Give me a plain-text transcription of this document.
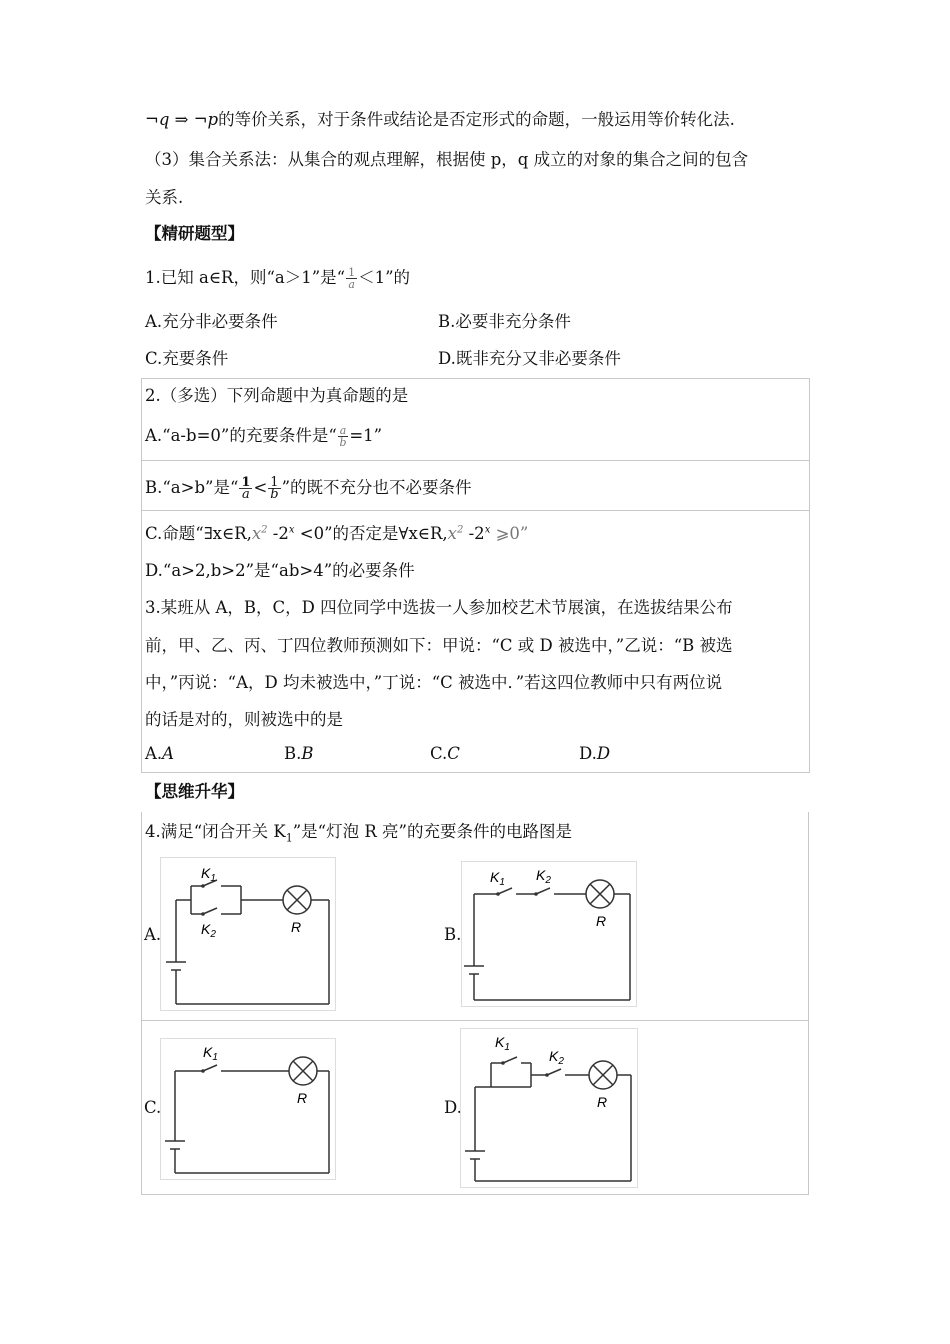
¬q ⇒ ¬p的等价关系，对于条件或结论是否定形式的命题，一般运用等价转化法.
（3）集合关系法：从集合的观点理解，根据使 p，q 成立的对象的集合之间的包含
关系.
【精研题型】
1.已知 a∈R，则“a＞1”是“ $\frac{1}{a} <1$”的
A.充分非必要条件	B.必要非充分条件
C.充要条件	D.既非充分又非必要条件
2.（多选）下列命题中为真命题的是
A.“a-b=0”的充要条件是“ $\frac{a}{b} =1$”
B.“a>b”是“ $\frac{1}{a} < \frac{1}{b}$ ”的既不充分也不必要条件
C.命题“$\exists x\in R,x^2$ $-2^x <0$”的否定是$\forall x\in R,x^2$ -2$^x$ ⩾0”
D.“a>2,b>2”是“ab>4”的必要条件
3.某班从 A，B，C，D 四位同学中选拔一人参加校艺术节展演，在选拔结果公布
前，甲、乙、丙、丁四位教师预测如下：甲说：“C 或 D 被选中，”乙说：“B 被选
中，”丙说：“A，D 均未被选中，”丁说：“C 被选中．”若这四位教师中只有两位说
的话是对的，则被选中的是
A.A	B.B	C.C	D.D
【思维升华】
4.满足“闭合开关 $K_1$”是“灯泡 R 亮”的充要条件的电路图是
A.	B.
C.	D.
$K_1$
$K_2$	R
$K_1$ $K_2$
R
$K_1$
R
$K_1$
$K_2$
R
